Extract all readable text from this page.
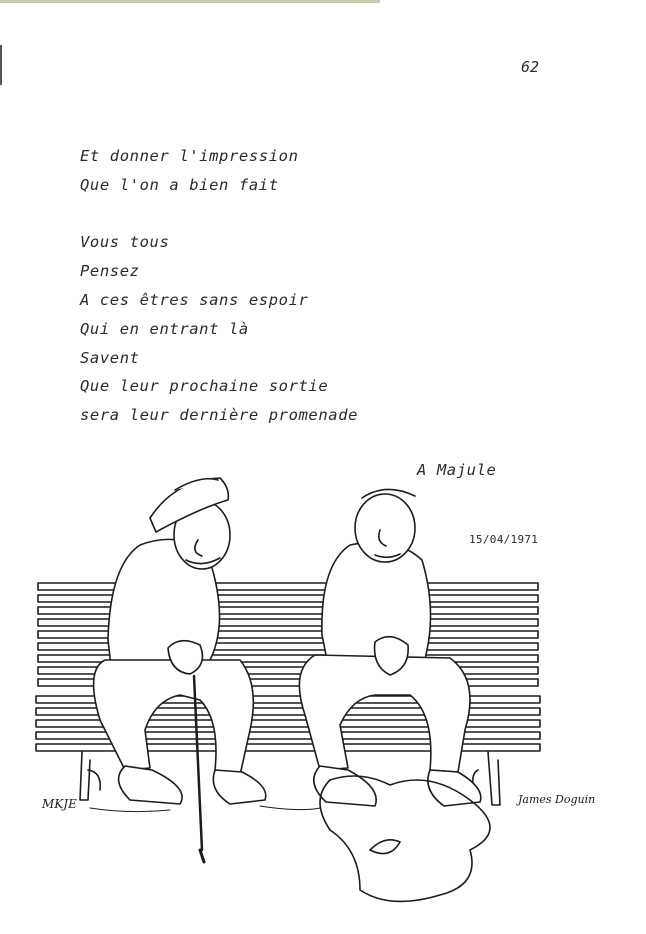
62
Et donner l'impression
Que l'on a bien fait
Vous tous
Pensez
A ces êtres sans espoir
Qui en entrant là
Savent
Que leur prochaine sortie
sera leur dernière promenade
A Majule
15/04/1971
MKJE	James Doguin
